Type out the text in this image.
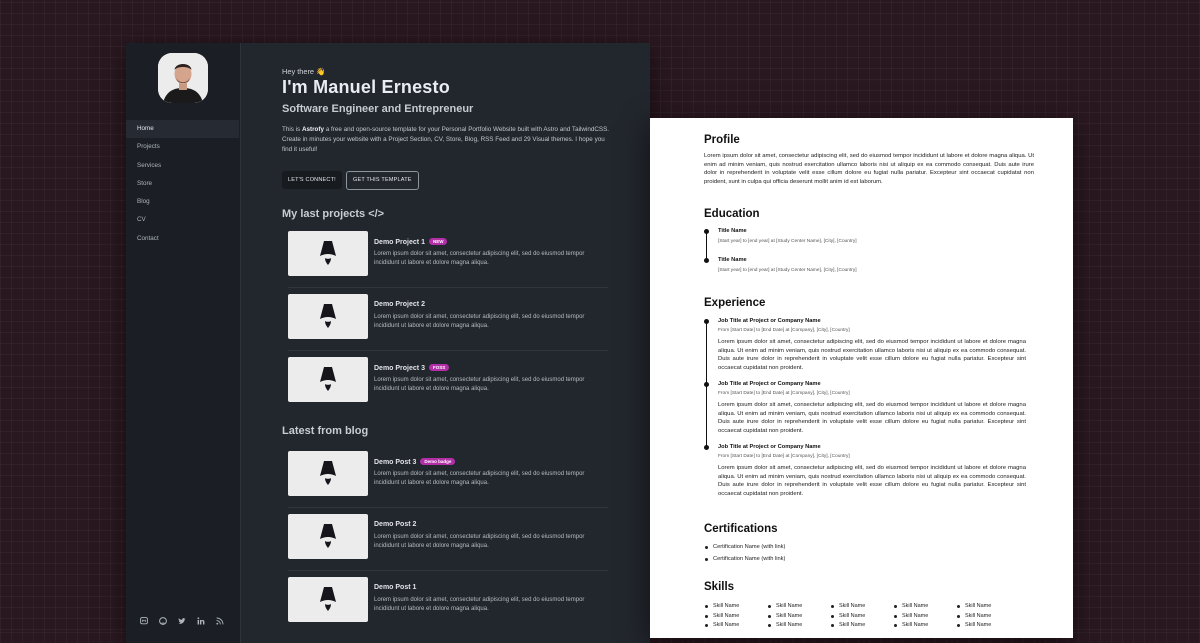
Home
Projects
Services
Store
Blog
CV
Contact
Hey there 👋
I'm Manuel Ernesto
Software Engineer and Entrepreneur
This is Astrofy a free and open-source template for your Personal Portfolio Website built with Astro and TailwindCSS. Create in minutes your website with a Project Section, CV, Store, Blog, RSS Feed and 29 Visual themes. I hope you find it useful!
LET'S CONNECT!	GET THIS TEMPLATE
My last projects </>
Demo Project 1 NEW
Lorem ipsum dolor sit amet, consectetur adipiscing elit, sed do eiusmod tempor incididunt ut labore et dolore magna aliqua.
Demo Project 2
Lorem ipsum dolor sit amet, consectetur adipiscing elit, sed do eiusmod tempor incididunt ut labore et dolore magna aliqua.
Demo Project 3 FOSS
Lorem ipsum dolor sit amet, consectetur adipiscing elit, sed do eiusmod tempor incididunt ut labore et dolore magna aliqua.
Latest from blog
Demo Post 3 Demo badge
Lorem ipsum dolor sit amet, consectetur adipiscing elit, sed do eiusmod tempor incididunt ut labore et dolore magna aliqua.
Demo Post 2
Lorem ipsum dolor sit amet, consectetur adipiscing elit, sed do eiusmod tempor incididunt ut labore et dolore magna aliqua.
Demo Post 1
Lorem ipsum dolor sit amet, consectetur adipiscing elit, sed do eiusmod tempor incididunt ut labore et dolore magna aliqua.
Profile
Lorem ipsum dolor sit amet, consectetur adipiscing elit, sed do eiusmod tempor incididunt ut labore et dolore magna aliqua. Ut enim ad minim veniam, quis nostrud exercitation ullamco laboris nisi ut aliquip ex ea commodo consequat. Duis aute irure dolor in reprehenderit in voluptate velit esse cillum dolore eu fugiat nulla pariatur. Excepteur sint occaecat cupidatat non proident, sunt in culpa qui officia deserunt mollit anim id est laborum.
Education
Title Name
[Start year] to [end year] at [Study Center Name], [City], [Country]
Title Name
[Start year] to [end year] at [Study Center Name], [City], [Country]
Experience
Job Title at Project or Company Name
From [Start Date] to [End Date] at [Company], [City], [Country]
Lorem ipsum dolor sit amet, consectetur adipiscing elit, sed do eiusmod tempor incididunt ut labore et dolore magna aliqua. Ut enim ad minim veniam, quis nostrud exercitation ullamco laboris nisi ut aliquip ex ea commodo consequat. Duis aute irure dolor in reprehenderit in voluptate velit esse cillum dolore eu fugiat nulla pariatur. Excepteur sint occaecat cupidatat non proident.
Job Title at Project or Company Name
From [Start Date] to [End Date] at [Company], [City], [Country]
Lorem ipsum dolor sit amet, consectetur adipiscing elit, sed do eiusmod tempor incididunt ut labore et dolore magna aliqua. Ut enim ad minim veniam, quis nostrud exercitation ullamco laboris nisi ut aliquip ex ea commodo consequat. Duis aute irure dolor in reprehenderit in voluptate velit esse cillum dolore eu fugiat nulla pariatur. Excepteur sint occaecat cupidatat non proident.
Job Title at Project or Company Name
From [Start Date] to [End Date] at [Company], [City], [Country]
Lorem ipsum dolor sit amet, consectetur adipiscing elit, sed do eiusmod tempor incididunt ut labore et dolore magna aliqua. Ut enim ad minim veniam, quis nostrud exercitation ullamco laboris nisi ut aliquip ex ea commodo consequat. Duis aute irure dolor in reprehenderit in voluptate velit esse cillum dolore eu fugiat nulla pariatur. Excepteur sint occaecat cupidatat non proident.
Certifications
Certification Name (with link)
Certification Name (with link)
Skills
Skill Name	Skill Name	Skill Name	Skill Name	Skill Name
Skill Name	Skill Name	Skill Name	Skill Name	Skill Name
Skill Name	Skill Name	Skill Name	Skill Name	Skill Name
